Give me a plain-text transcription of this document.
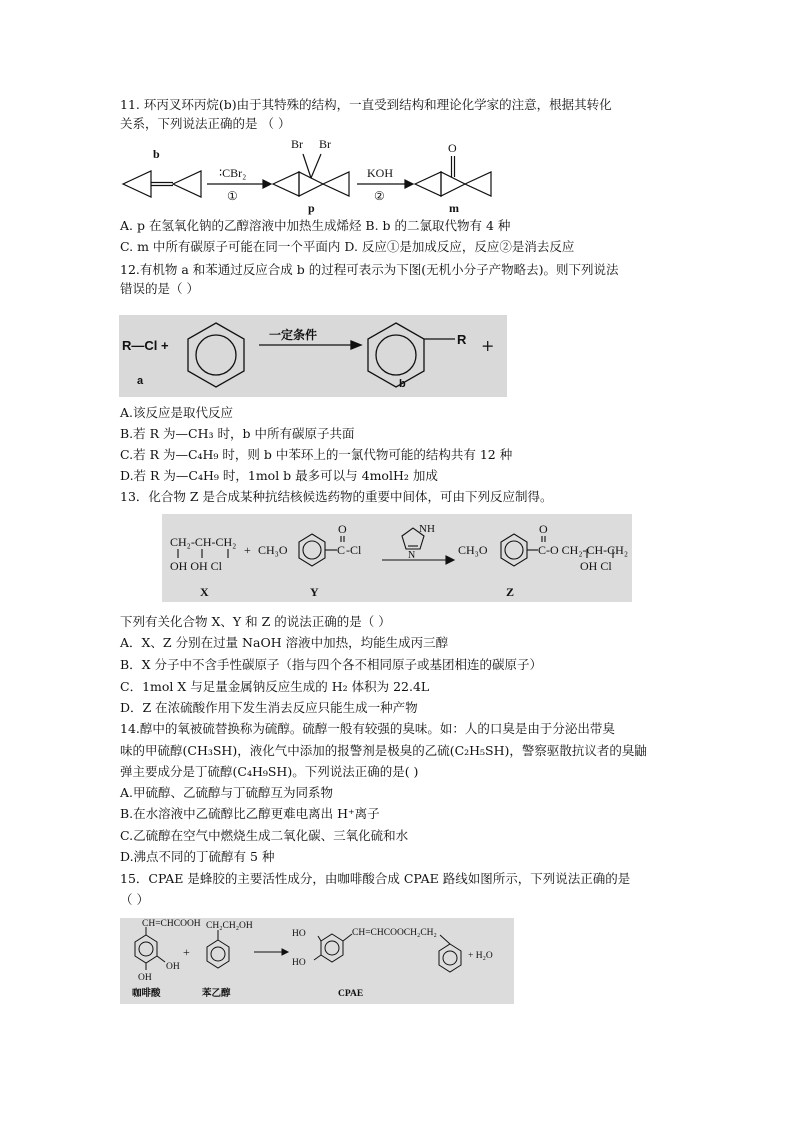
11. 环丙叉环丙烷(b)由于其特殊的结构，一直受到结构和理论化学家的注意，根据其转化
关系，下列说法正确的是 （ ）
Br Br
∶CBr₂
①
KOH
②
O
p
b
m
A. p 在氢氧化钠的乙醇溶液中加热生成烯烃 B. b 的二氯取代物有 4 种
C. m 中所有碳原子可能在同一个平面内 D. 反应①是加成反应，反应②是消去反应
12.有机物 a 和苯通过反应合成 b 的过程可表示为下图(无机小分子产物略去)。则下列说法
错误的是（ ）
R—Cl +
一定条件	R
a	b
+
A.该反应是取代反应
B.若 R 为—CH₃ 时，b 中所有碳原子共面
C.若 R 为—C₄H₉ 时，则 b 中苯环上的一氯代物可能的结构共有 12 种
D.若 R 为—C₄H₉ 时，1mol b 最多可以与 4molH₂ 加成
13．化合物 Z 是合成某种抗结核候选药物的重要中间体，可由下列反应制得。
CH₂-CH-CH₂
OH OH Cl
+ CH₃O	C
O
-Cl
NH
N	CH₃O	C
O
-O CH₂-CH-CH₂
OH Cl
X	Y	Z
下列有关化合物 X、Y 和 Z 的说法正确的是（ ）
A．X、Z 分别在过量 NaOH 溶液中加热，均能生成丙三醇
B．X 分子中不含手性碳原子（指与四个各不相同原子或基团相连的碳原子）
C．1mol X 与足量金属钠反应生成的 H₂ 体积为 22.4L
D．Z 在浓硫酸作用下发生消去反应只能生成一种产物
14.醇中的氧被硫替换称为硫醇。硫醇一般有较强的臭味。如：人的口臭是由于分泌出带臭
味的甲硫醇(CH₃SH)，液化气中添加的报警剂是极臭的乙硫(C₂H₅SH)，警察驱散抗议者的臭鼬
弹主要成分是丁硫醇(C₄H₉SH)。下列说法正确的是( )
A.甲硫醇、乙硫醇与丁硫醇互为同系物
B.在水溶液中乙硫醇比乙醇更难电离出 H⁺离子
C.乙硫醇在空气中燃烧生成二氧化碳、三氧化硫和水
D.沸点不同的丁硫醇有 5 种
15．CPAE 是蜂胶的主要活性成分，由咖啡酸合成 CPAE 路线如图所示，下列说法正确的是
（ ）
CH=CHCOOH
OH
OH
+
CH₂CH₂OH
HO
HO
CH=CHCOOCH₂CH₂
+ H₂O
咖啡酸	苯乙醇	CPAE
